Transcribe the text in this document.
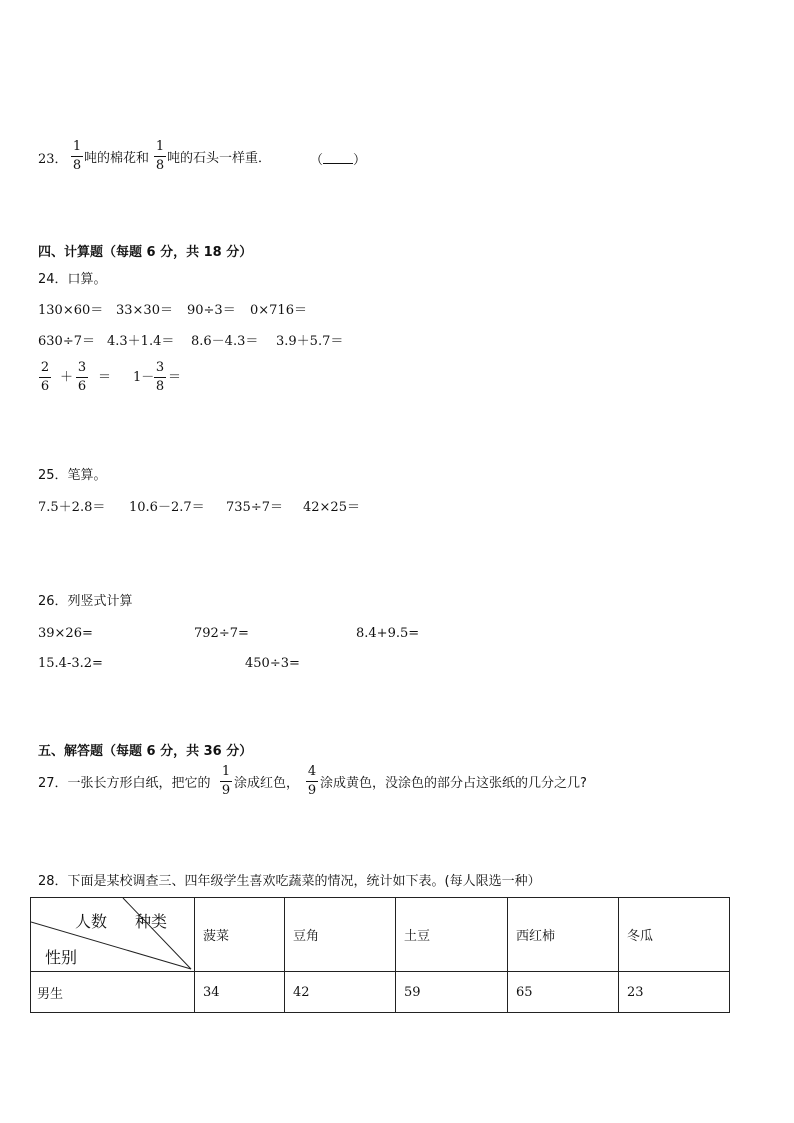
23．
1
8 吨的棉花和
1
8 吨的石头一样重．	（ ）
四、计算题（每题 6 分，共 18 分）
24．口算。
130×60＝ 33×30＝ 90÷3＝ 0×716＝
630÷7＝ 4.3＋1.4＝ 8.6－4.3＝ 3.9＋5.7＝
2
6
＋
3
6
＝ 1－
3
8
＝
25．笔算。
7.5＋2.8＝ 10.6－2.7＝ 735÷7＝ 42×25＝
26．列竖式计算
39×26=	792÷7=	8.4+9.5=
15.4-3.2=	450÷3=
五、解答题（每题 6 分，共 36 分）
27．一张长方形白纸，把它的
1
9 涂成红色，
4
9 涂成黄色，没涂色的部分占这张纸的几分之几?
28．下面是某校调查三、四年级学生喜欢吃蔬菜的情况，统计如下表。(每人限选一种）
人数 种类
性别	菠菜	豆角	土豆	西红柿	冬瓜
男生	34	42	59	65	23
